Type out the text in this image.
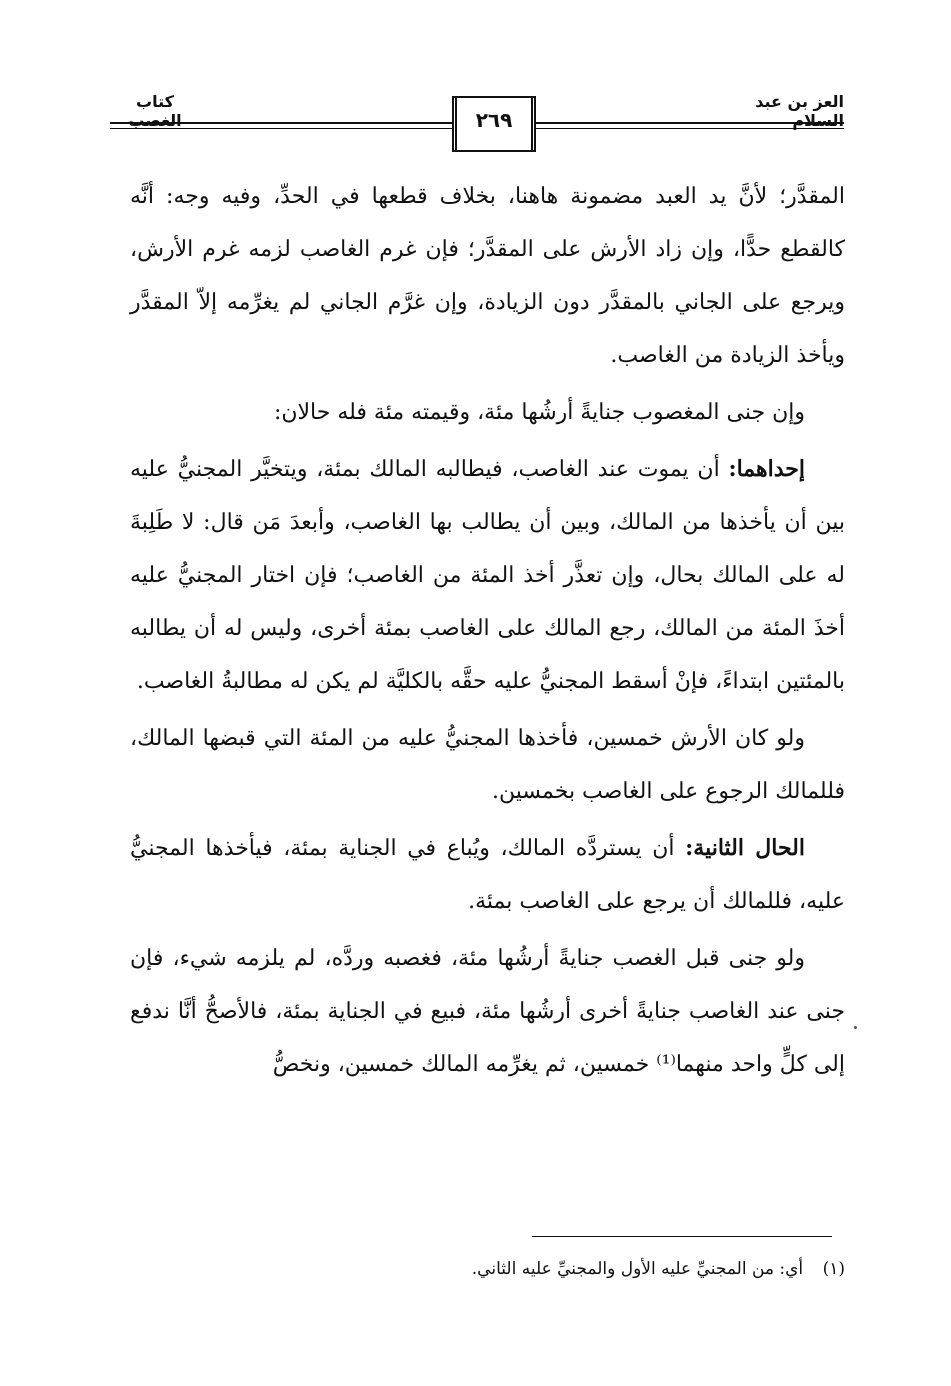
كتاب الغصب	٢٦٩
العز بن عبد السلام

المقدَّر؛ لأنَّ يد العبد مضمونة هاهنا، بخلاف قطعها في الحدِّ، وفيه وجه: أنَّه كالقطع حدًّا، وإن زاد الأرش على المقدَّر؛ فإن غرم الغاصب لزمه غرم الأرش، ويرجع على الجاني بالمقدَّر دون الزيادة، وإن غرَّم الجاني لم يغرِّمه إلاّ المقدَّر ويأخذ الزيادة من الغاصب.

وإن جنى المغصوب جنايةً أرشُها مئة، وقيمته مئة فله حالان:

إحداهما: أن يموت عند الغاصب، فيطالبه المالك بمئة، ويتخيَّر المجنيُّ عليه بين أن يأخذها من المالك، وبين أن يطالب بها الغاصب، وأبعدَ مَن قال: لا طَلِبةَ له على المالك بحال، وإن تعذَّر أخذ المئة من الغاصب؛ فإن اختار المجنيُّ عليه أخذَ المئة من المالك، رجع المالك على الغاصب بمئة أخرى، وليس له أن يطالبه بالمئتين ابتداءً، فإنْ أسقط المجنيُّ عليه حقَّه بالكليَّة لم يكن له مطالبةُ الغاصب.

ولو كان الأرش خمسين، فأخذها المجنيُّ عليه من المئة التي قبضها المالك، فللمالك الرجوع على الغاصب بخمسين.

الحال الثانية: أن يستردَّه المالك، ويُباع في الجناية بمئة، فيأخذها المجنيُّ عليه، فللمالك أن يرجع على الغاصب بمئة.

ولو جنى قبل الغصب جنايةً أرشُها مئة، فغصبه وردَّه، لم يلزمه شيء، فإن جنى عند الغاصب جنايةً أخرى أرشُها مئة، فبيع في الجناية بمئة، فالأصحُّ أنَّا ندفع إلى كلٍّ واحد منهما⁽¹⁾ خمسين، ثم يغرِّمه المالك خمسين، ونخصُّ

(١) أي: من المجنيِّ عليه الأول والمجنيِّ عليه الثاني.
